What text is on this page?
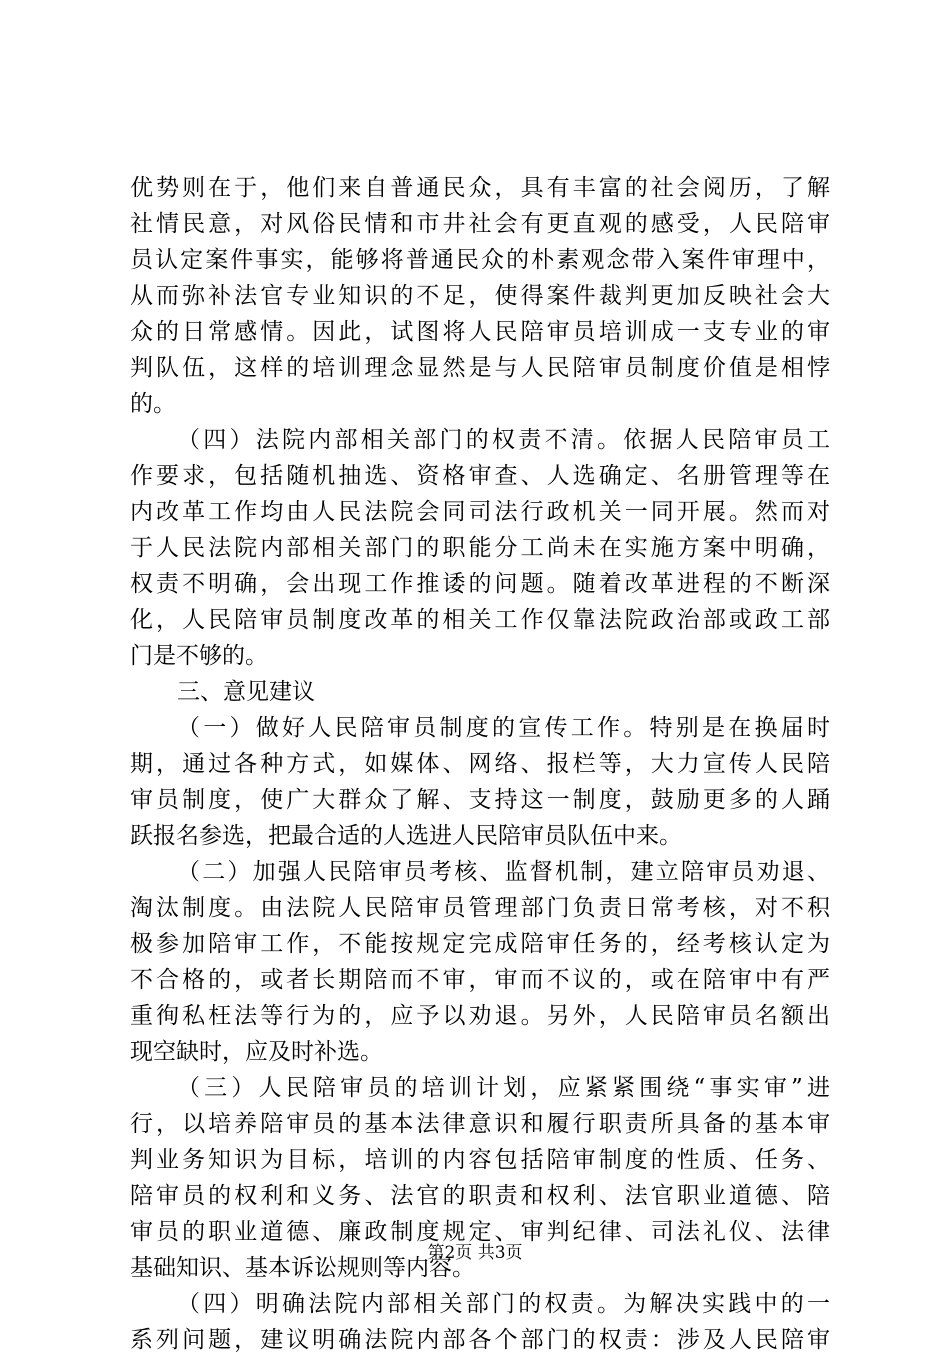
优势则在于，他们来自普通民众，具有丰富的社会阅历，了解
社情民意，对风俗民情和市井社会有更直观的感受，人民陪审
员认定案件事实，能够将普通民众的朴素观念带入案件审理中，
从而弥补法官专业知识的不足，使得案件裁判更加反映社会大
众的日常感情。因此，试图将人民陪审员培训成一支专业的审
判队伍，这样的培训理念显然是与人民陪审员制度价值是相悖
的。
（四）法院内部相关部门的权责不清。依据人民陪审员工
作要求，包括随机抽选、资格审查、人选确定、名册管理等在
内改革工作均由人民法院会同司法行政机关一同开展。然而对
于人民法院内部相关部门的职能分工尚未在实施方案中明确，
权责不明确，会出现工作推诿的问题。随着改革进程的不断深
化，人民陪审员制度改革的相关工作仅靠法院政治部或政工部
门是不够的。
三、意见建议
（一）做好人民陪审员制度的宣传工作。特别是在换届时
期，通过各种方式，如媒体、网络、报栏等，大力宣传人民陪
审员制度，使广大群众了解、支持这一制度，鼓励更多的人踊
跃报名参选，把最合适的人选进人民陪审员队伍中来。
（二）加强人民陪审员考核、监督机制，建立陪审员劝退、
淘汰制度。由法院人民陪审员管理部门负责日常考核，对不积
极参加陪审工作，不能按规定完成陪审任务的，经考核认定为
不合格的，或者长期陪而不审，审而不议的，或在陪审中有严
重徇私枉法等行为的，应予以劝退。另外，人民陪审员名额出
现空缺时，应及时补选。
（三）人民陪审员的培训计划，应紧紧围绕“事实审”进
行，以培养陪审员的基本法律意识和履行职责所具备的基本审
判业务知识为目标，培训的内容包括陪审制度的性质、任务、
陪审员的权利和义务、法官的职责和权利、法官职业道德、陪
审员的职业道德、廉政制度规定、审判纪律、司法礼仪、法律
基础知识、基本诉讼规则等内容。
（四）明确法院内部相关部门的权责。为解决实践中的一
系列问题，建议明确法院内部各个部门的权责：涉及人民陪审
第2页 共3页
